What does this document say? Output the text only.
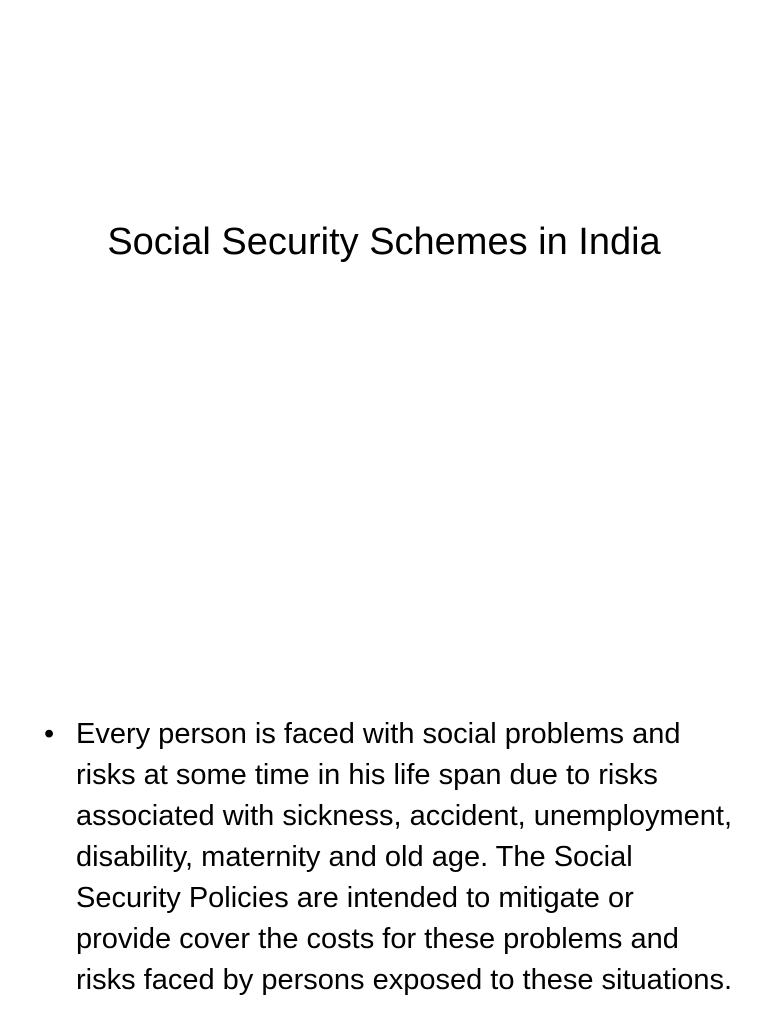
Social Security Schemes in India
• Every person is faced with social problems and risks at some time in his life span due to risks associated with sickness, accident, unemployment, disability, maternity and old age. The Social Security Policies are intended to mitigate or provide cover the costs for these problems and risks faced by persons exposed to these situations.
